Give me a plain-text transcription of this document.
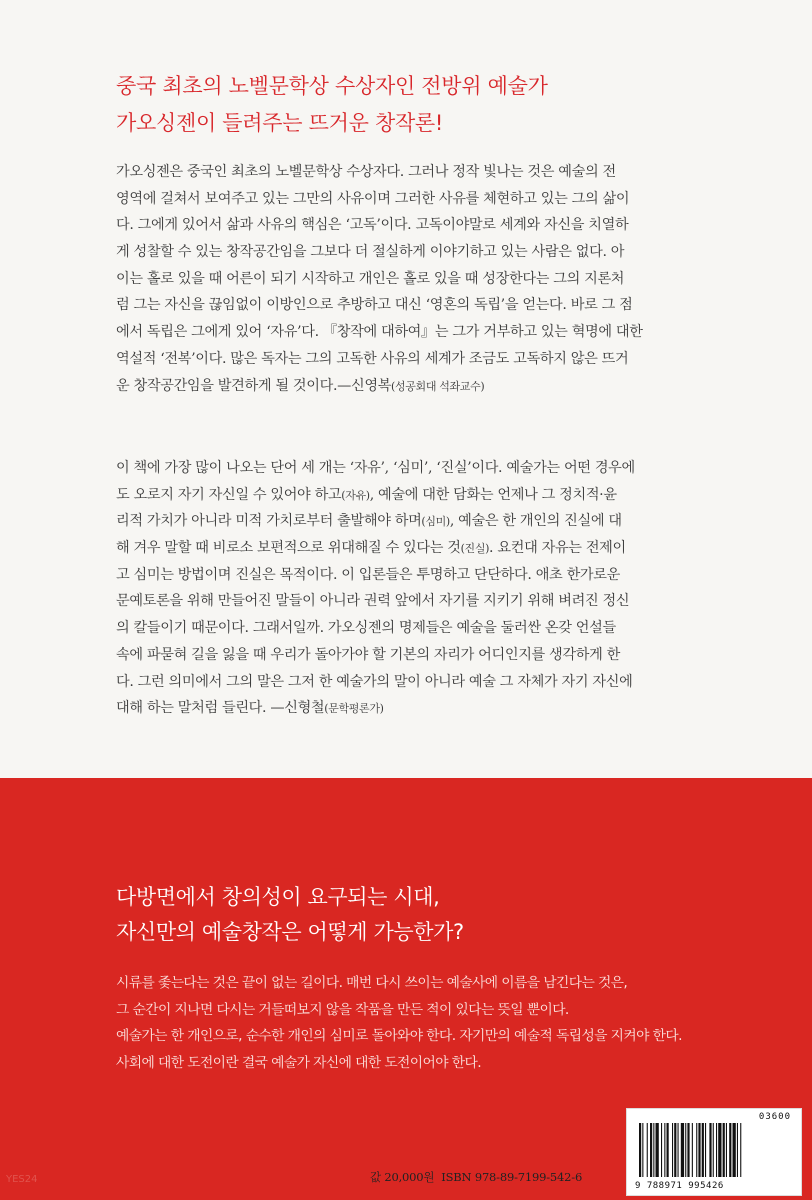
중국 최초의 노벨문학상 수상자인 전방위 예술가
가오싱젠이 들려주는 뜨거운 창작론!
가오싱젠은 중국인 최초의 노벨문학상 수상자다. 그러나 정작 빛나는 것은 예술의 전
영역에 걸쳐서 보여주고 있는 그만의 사유이며 그러한 사유를 체현하고 있는 그의 삶이
다. 그에게 있어서 삶과 사유의 핵심은 ‘고독’이다. 고독이야말로 세계와 자신을 치열하
게 성찰할 수 있는 창작공간임을 그보다 더 절실하게 이야기하고 있는 사람은 없다. 아
이는 홀로 있을 때 어른이 되기 시작하고 개인은 홀로 있을 때 성장한다는 그의 지론처
럼 그는 자신을 끊임없이 이방인으로 추방하고 대신 ‘영혼의 독립’을 얻는다. 바로 그 점
에서 독립은 그에게 있어 ‘자유’다. 『창작에 대하여』는 그가 거부하고 있는 혁명에 대한
역설적 ‘전복’이다. 많은 독자는 그의 고독한 사유의 세계가 조금도 고독하지 않은 뜨거
운 창작공간임을 발견하게 될 것이다.—신영복(성공회대 석좌교수)
이 책에 가장 많이 나오는 단어 세 개는 ‘자유’, ‘심미’, ‘진실’이다. 예술가는 어떤 경우에
도 오로지 자기 자신일 수 있어야 하고(자유), 예술에 대한 담화는 언제나 그 정치적·윤
리적 가치가 아니라 미적 가치로부터 출발해야 하며(심미), 예술은 한 개인의 진실에 대
해 겨우 말할 때 비로소 보편적으로 위대해질 수 있다는 것(진실). 요컨대 자유는 전제이
고 심미는 방법이며 진실은 목적이다. 이 입론들은 투명하고 단단하다. 애초 한가로운
문예토론을 위해 만들어진 말들이 아니라 권력 앞에서 자기를 지키기 위해 벼려진 정신
의 칼들이기 때문이다. 그래서일까. 가오싱젠의 명제들은 예술을 둘러싼 온갖 언설들
속에 파묻혀 길을 잃을 때 우리가 돌아가야 할 기본의 자리가 어디인지를 생각하게 한
다. 그런 의미에서 그의 말은 그저 한 예술가의 말이 아니라 예술 그 자체가 자기 자신에
대해 하는 말처럼 들린다. —신형철(문학평론가)
다방면에서 창의성이 요구되는 시대,
자신만의 예술창작은 어떻게 가능한가?
시류를 좇는다는 것은 끝이 없는 길이다. 매번 다시 쓰이는 예술사에 이름을 남긴다는 것은,
그 순간이 지나면 다시는 거들떠보지 않을 작품을 만든 적이 있다는 뜻일 뿐이다.
예술가는 한 개인으로, 순수한 개인의 심미로 돌아와야 한다. 자기만의 예술적 독립성을 지켜야 한다.
사회에 대한 도전이란 결국 예술가 자신에 대한 도전이어야 한다.
YES24	값 20,000원 ISBN 978-89-7199-542-6
03600
9 788971 995426
